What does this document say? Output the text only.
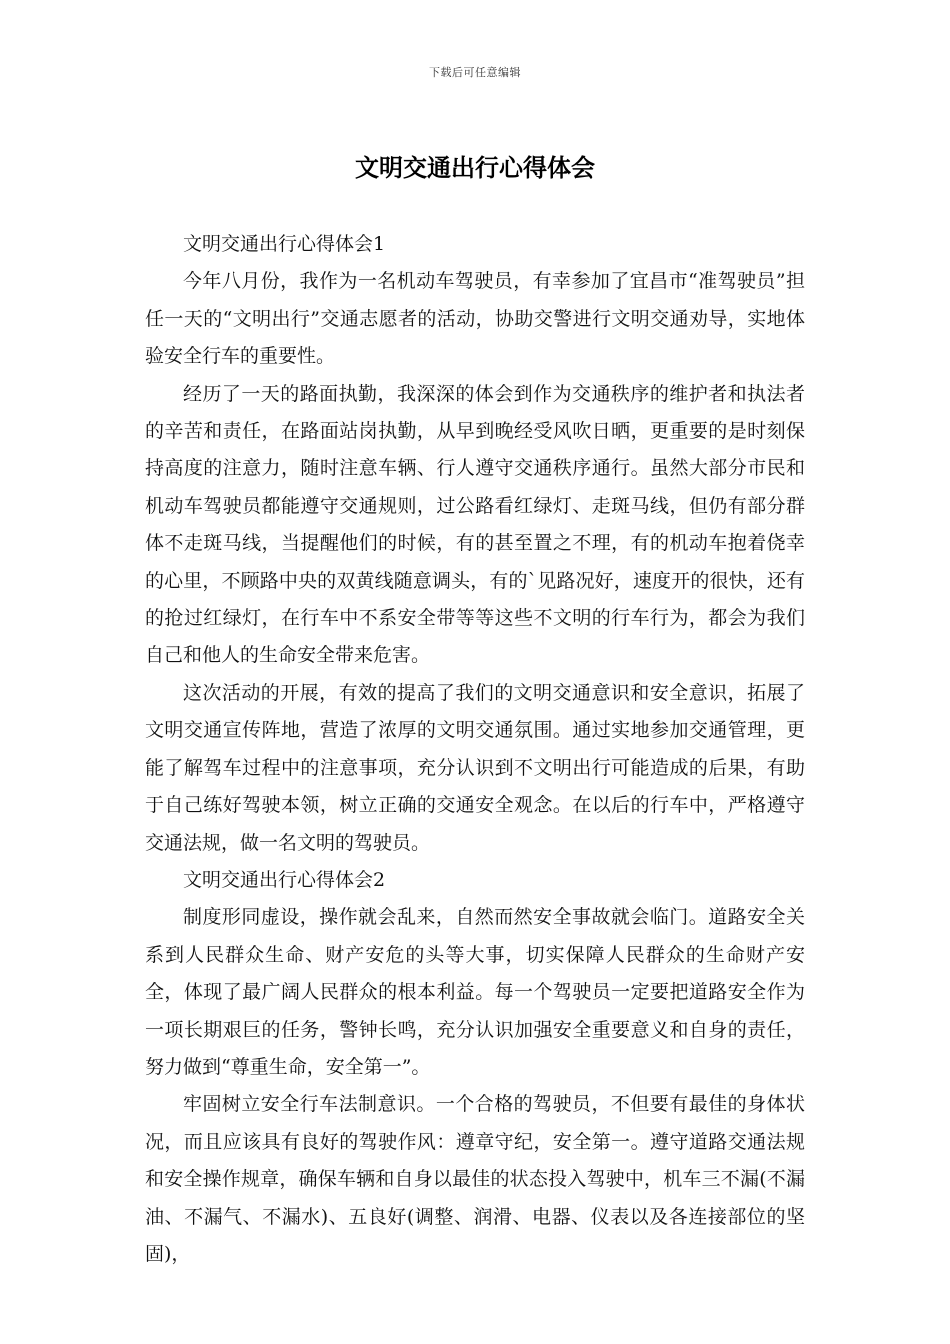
下载后可任意编辑
文明交通出行心得体会

文明交通出行心得体会1

今年八月份，我作为一名机动车驾驶员，有幸参加了宜昌市“准驾驶员”担任一天的“文明出行”交通志愿者的活动，协助交警进行文明交通劝导，实地体验安全行车的重要性。

经历了一天的路面执勤，我深深的体会到作为交通秩序的维护者和执法者的辛苦和责任，在路面站岗执勤，从早到晚经受风吹日晒，更重要的是时刻保持高度的注意力，随时注意车辆、行人遵守交通秩序通行。虽然大部分市民和机动车驾驶员都能遵守交通规则，过公路看红绿灯、走斑马线，但仍有部分群体不走斑马线，当提醒他们的时候，有的甚至置之不理，有的机动车抱着侥幸的心里，不顾路中央的双黄线随意调头，有的`见路况好，速度开的很快，还有的抢过红绿灯，在行车中不系安全带等等这些不文明的行车行为，都会为我们自己和他人的生命安全带来危害。

这次活动的开展，有效的提高了我们的文明交通意识和安全意识，拓展了文明交通宣传阵地，营造了浓厚的文明交通氛围。通过实地参加交通管理，更能了解驾车过程中的注意事项，充分认识到不文明出行可能造成的后果，有助于自己练好驾驶本领，树立正确的交通安全观念。在以后的行车中，严格遵守交通法规，做一名文明的驾驶员。

文明交通出行心得体会2

制度形同虚设，操作就会乱来，自然而然安全事故就会临门。道路安全关系到人民群众生命、财产安危的头等大事，切实保障人民群众的生命财产安全，体现了最广阔人民群众的根本利益。每一个驾驶员一定要把道路安全作为一项长期艰巨的任务，警钟长鸣，充分认识加强安全重要意义和自身的责任，努力做到“尊重生命，安全第一”。

牢固树立安全行车法制意识。一个合格的驾驶员，不但要有最佳的身体状况，而且应该具有良好的驾驶作风：遵章守纪，安全第一。遵守道路交通法规和安全操作规章，确保车辆和自身以最佳的状态投入驾驶中，机车三不漏(不漏油、不漏气、不漏水)、五良好(调整、润滑、电器、仪表以及各连接部位的坚固)，
